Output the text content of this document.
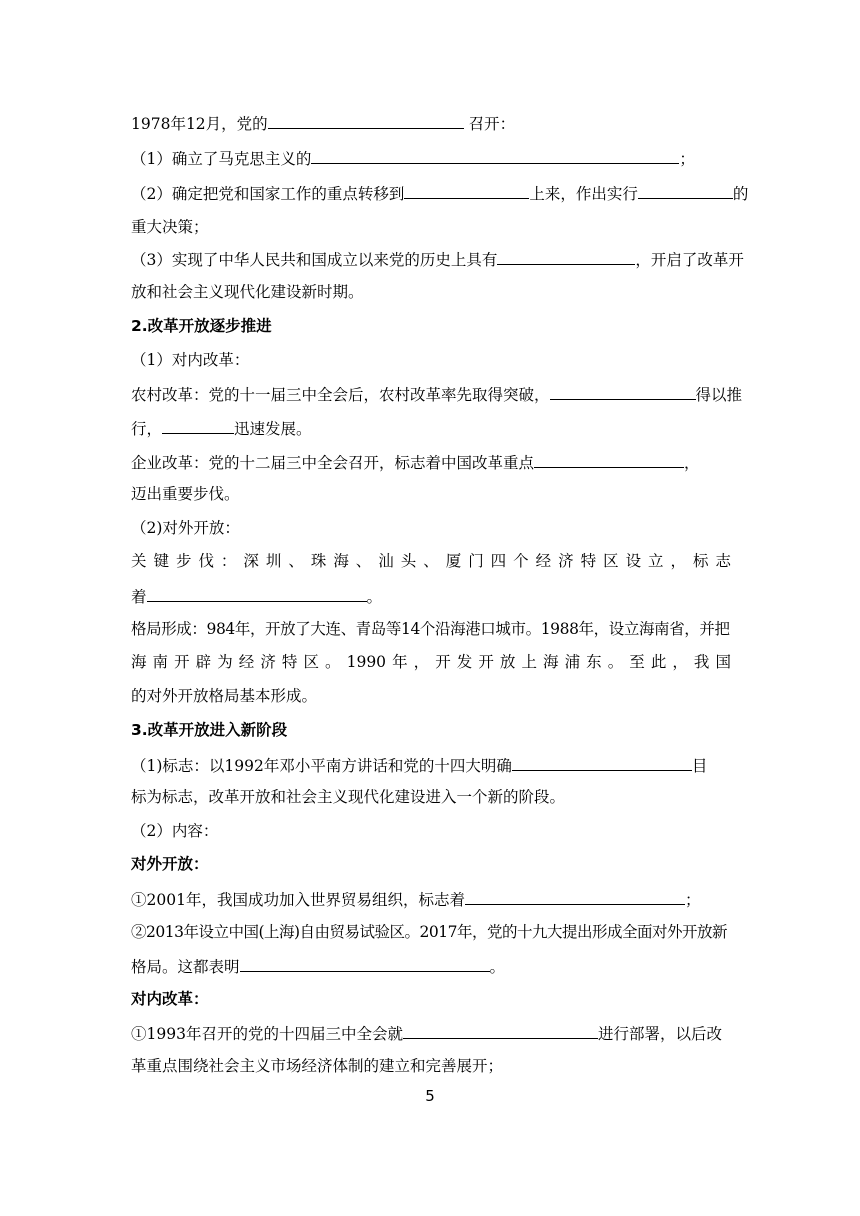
1978年12月，党的	召开：
（1）确立了马克思主义的	；
（2）确定把党和国家工作的重点转移到	上来，作出实行	的
重大决策；
（3）实现了中华人民共和国成立以来党的历史上具有	，开启了改革开
放和社会主义现代化建设新时期。
2.改革开放逐步推进
（1）对内改革：
农村改革：党的十一届三中全会后，农村改革率先取得突破，	得以推
行，	迅速发展。
企业改革：党的十二届三中全会召开，标志着中国改革重点	，
迈出重要步伐。
（2)对外开放：
关键步伐：深圳、珠海、汕头、厦门四个经济特区设立，标志
着	。
格局形成：984年，开放了大连、青岛等14个沿海港口城市。1988年，设立海南省，并把
海南开辟为经济特区。1990年，开发开放上海浦东。至此，我国
的对外开放格局基本形成。
3.改革开放进入新阶段
（1)标志：以1992年邓小平南方讲话和党的十四大明确	目
标为标志，改革开放和社会主义现代化建设进入一个新的阶段。
（2）内容：
对外开放：
①2001年，我国成功加入世界贸易组织，标志着	；
②2013年设立中国(上海)自由贸易试验区。2017年，党的十九大提出形成全面对外开放新
格局。这都表明	。
对内改革：
①1993年召开的党的十四届三中全会就	进行部署，以后改
革重点围绕社会主义市场经济体制的建立和完善展开；
5
